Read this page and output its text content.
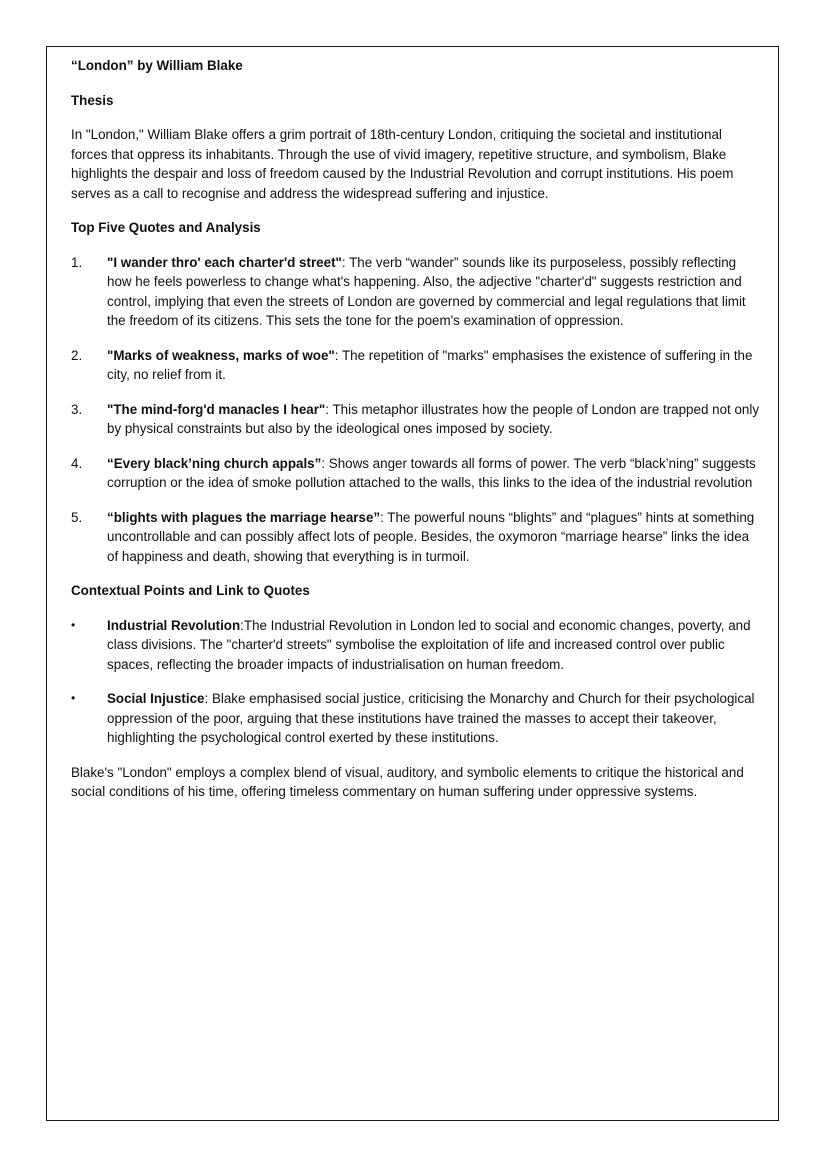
“London” by William Blake

Thesis

In "London," William Blake offers a grim portrait of 18th-century London, critiquing the societal and institutional forces that oppress its inhabitants. Through the use of vivid imagery, repetitive structure, and symbolism, Blake highlights the despair and loss of freedom caused by the Industrial Revolution and corrupt institutions. His poem serves as a call to recognise and address the widespread suffering and injustice.

Top Five Quotes and Analysis

1.	"I wander thro' each charter'd street": The verb “wander” sounds like its purposeless, possibly reflecting how he feels powerless to change what's happening. Also, the adjective "charter'd" suggests restriction and control, implying that even the streets of London are governed by commercial and legal regulations that limit the freedom of its citizens. This sets the tone for the poem's examination of oppression.
2.	"Marks of weakness, marks of woe": The repetition of "marks" emphasises the existence of suffering in the city, no relief from it.
3.	"The mind-forg'd manacles I hear": This metaphor illustrates how the people of London are trapped not only by physical constraints but also by the ideological ones imposed by society.
4.	“Every black’ning church appals”: Shows anger towards all forms of power. The verb “black’ning” suggests corruption or the idea of smoke pollution attached to the walls, this links to the idea of the industrial revolution
5.	“blights with plagues the marriage hearse”: The powerful nouns “blights” and “plagues” hints at something uncontrollable and can possibly affect lots of people. Besides, the oxymoron “marriage hearse” links the idea of happiness and death, showing that everything is in turmoil.

Contextual Points and Link to Quotes

•	Industrial Revolution:The Industrial Revolution in London led to social and economic changes, poverty, and class divisions. The "charter'd streets" symbolise the exploitation of life and increased control over public spaces, reflecting the broader impacts of industrialisation on human freedom.
•	Social Injustice: Blake emphasised social justice, criticising the Monarchy and Church for their psychological oppression of the poor, arguing that these institutions have trained the masses to accept their takeover, highlighting the psychological control exerted by these institutions.

Blake's "London" employs a complex blend of visual, auditory, and symbolic elements to critique the historical and social conditions of his time, offering timeless commentary on human suffering under oppressive systems.
